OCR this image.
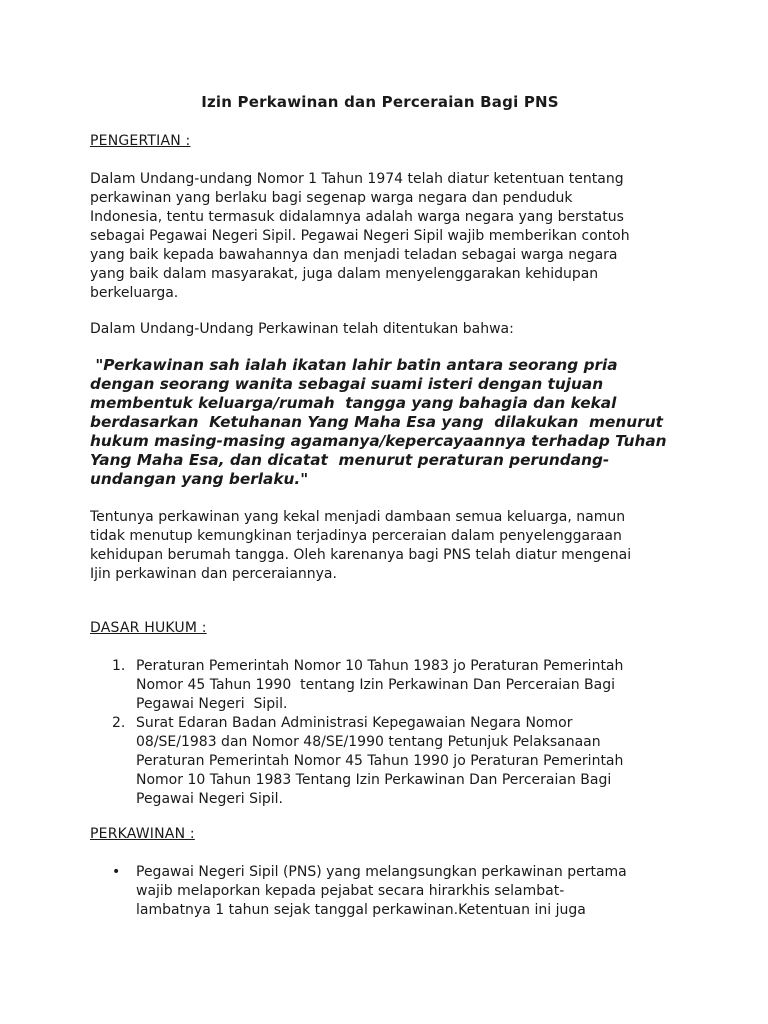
Izin Perkawinan dan Perceraian Bagi PNS
PENGERTIAN :

Dalam Undang-undang Nomor 1 Tahun 1974 telah diatur ketentuan tentang
perkawinan yang berlaku bagi segenap warga negara dan penduduk
Indonesia, tentu termasuk didalamnya adalah warga negara yang berstatus
sebagai Pegawai Negeri Sipil. Pegawai Negeri Sipil wajib memberikan contoh
yang baik kepada bawahannya dan menjadi teladan sebagai warga negara
yang baik dalam masyarakat, juga dalam menyelenggarakan kehidupan
berkeluarga.

Dalam Undang-Undang Perkawinan telah ditentukan bahwa:

"Perkawinan sah ialah ikatan lahir batin antara seorang pria
dengan seorang wanita sebagai suami isteri dengan tujuan
membentuk keluarga/rumah  tangga yang bahagia dan kekal
berdasarkan  Ketuhanan Yang Maha Esa yang  dilakukan  menurut
hukum masing-masing agamanya/kepercayaannya terhadap Tuhan
Yang Maha Esa, dan dicatat  menurut peraturan perundang-
undangan yang berlaku."

Tentunya perkawinan yang kekal menjadi dambaan semua keluarga, namun
tidak menutup kemungkinan terjadinya perceraian dalam penyelenggaraan
kehidupan berumah tangga. Oleh karenanya bagi PNS telah diatur mengenai
Ijin perkawinan dan perceraiannya.

DASAR HUKUM :
1. Peraturan Pemerintah Nomor 10 Tahun 1983 jo Peraturan Pemerintah
Nomor 45 Tahun 1990  tentang Izin Perkawinan Dan Perceraian Bagi
Pegawai Negeri  Sipil.
2. Surat Edaran Badan Administrasi Kepegawaian Negara Nomor
08/SE/1983 dan Nomor 48/SE/1990 tentang Petunjuk Pelaksanaan
Peraturan Pemerintah Nomor 45 Tahun 1990 jo Peraturan Pemerintah
Nomor 10 Tahun 1983 Tentang Izin Perkawinan Dan Perceraian Bagi
Pegawai Negeri Sipil.
PERKAWINAN :
• Pegawai Negeri Sipil (PNS) yang melangsungkan perkawinan pertama
wajib melaporkan kepada pejabat secara hirarkhis selambat-
lambatnya 1 tahun sejak tanggal perkawinan.Ketentuan ini juga
